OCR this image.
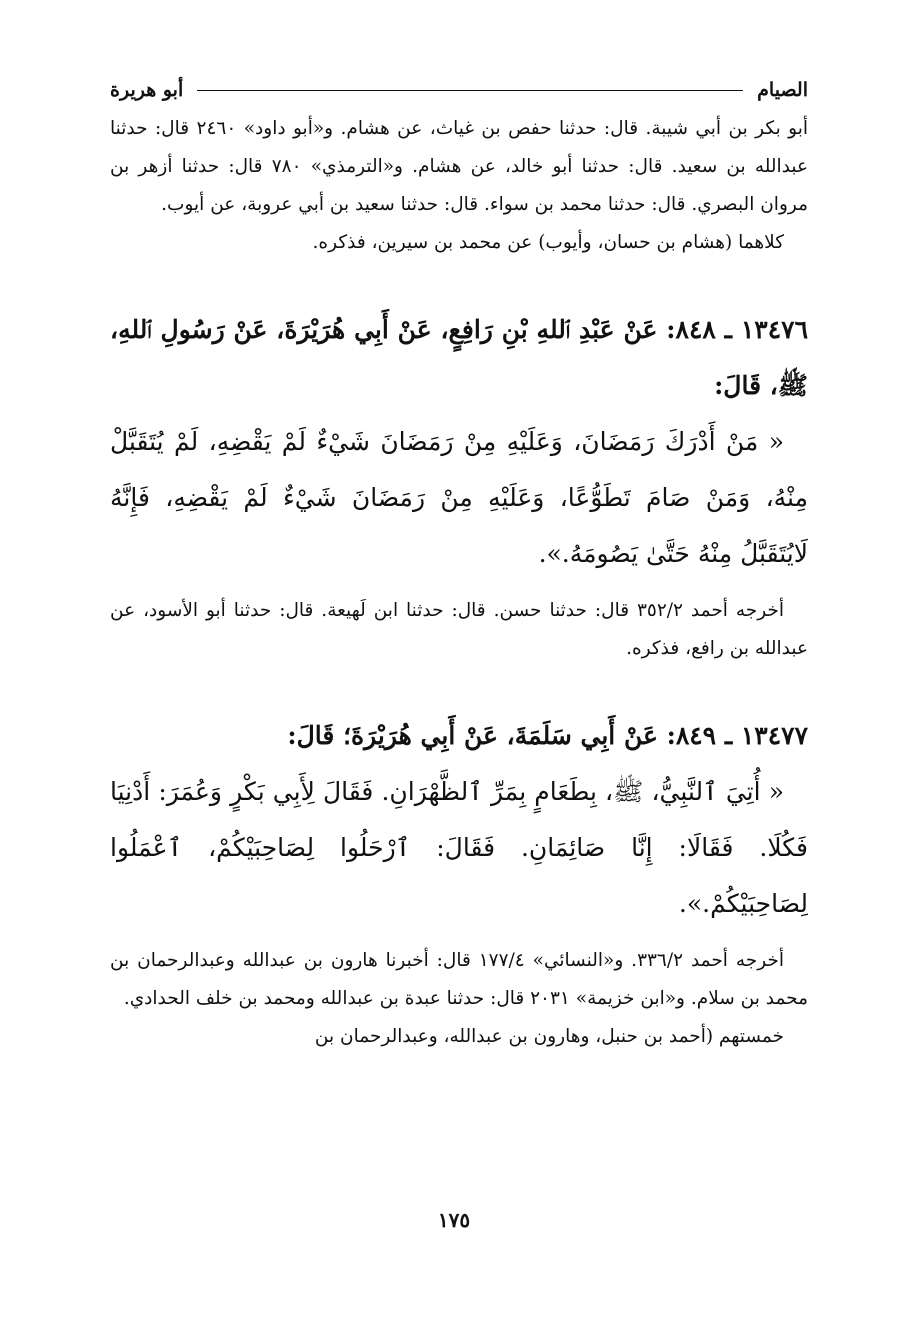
الصيام
أبو هريرة

أبو بكر بن أبي شيبة. قال: حدثنا حفص بن غياث، عن هشام. و«أبو داود» ٢٤٦٠ قال: حدثنا عبدالله بن سعيد. قال: حدثنا أبو خالد، عن هشام. و«الترمذي» ٧٨٠ قال: حدثنا أزهر بن مروان البصري. قال: حدثنا محمد بن سواء. قال: حدثنا سعيد بن أبي عروبة، عن أيوب.

كلاهما (هشام بن حسان، وأيوب) عن محمد بن سيرين، فذكره.

١٣٤٧٦ ـ ٨٤٨: عَنْ عَبْدِ ٱللهِ بْنِ رَافِعٍ، عَنْ أَبِي هُرَيْرَةَ، عَنْ رَسُولِ ٱللهِ، ﷺ، قَالَ:

« مَنْ أَدْرَكَ رَمَضَانَ، وَعَلَيْهِ مِنْ رَمَضَانَ شَيْءٌ لَمْ يَقْضِهِ، لَمْ يُتَقَبَّلْ مِنْهُ، وَمَنْ صَامَ تَطَوُّعًا، وَعَلَيْهِ مِنْ رَمَضَانَ شَيْءٌ لَمْ يَقْضِهِ، فَإِنَّهُ لَايُتَقَبَّلُ مِنْهُ حَتَّىٰ يَصُومَهُ.».

أخرجه أحمد ٣٥٢/٢ قال: حدثنا حسن. قال: حدثنا ابن لَهيعة. قال: حدثنا أبو الأسود، عن عبدالله بن رافع، فذكره.

١٣٤٧٧ ـ ٨٤٩: عَنْ أَبِي سَلَمَةَ، عَنْ أَبِي هُرَيْرَةَ؛ قَالَ:

« أُتِيَ ٱلنَّبِيُّ، ﷺ، بِطَعَامٍ بِمَرِّ ٱلظَّهْرَانِ. فَقَالَ لِأَبِي بَكْرٍ وَعُمَرَ: أَدْنِيَا فَكُلَا. فَقَالَا: إِنَّا صَائِمَانِ. فَقَالَ: ٱرْحَلُوا لِصَاحِبَيْكُمْ، ٱعْمَلُوا لِصَاحِبَيْكُمْ.».

أخرجه أحمد ٣٣٦/٢. و«النسائي» ١٧٧/٤ قال: أخبرنا هارون بن عبدالله وعبدالرحمان بن محمد بن سلام. و«ابن خزيمة» ٢٠٣١ قال: حدثنا عبدة بن عبدالله ومحمد بن خلف الحدادي.

خمستهم (أحمد بن حنبل، وهارون بن عبدالله، وعبدالرحمان بن

١٧٥
